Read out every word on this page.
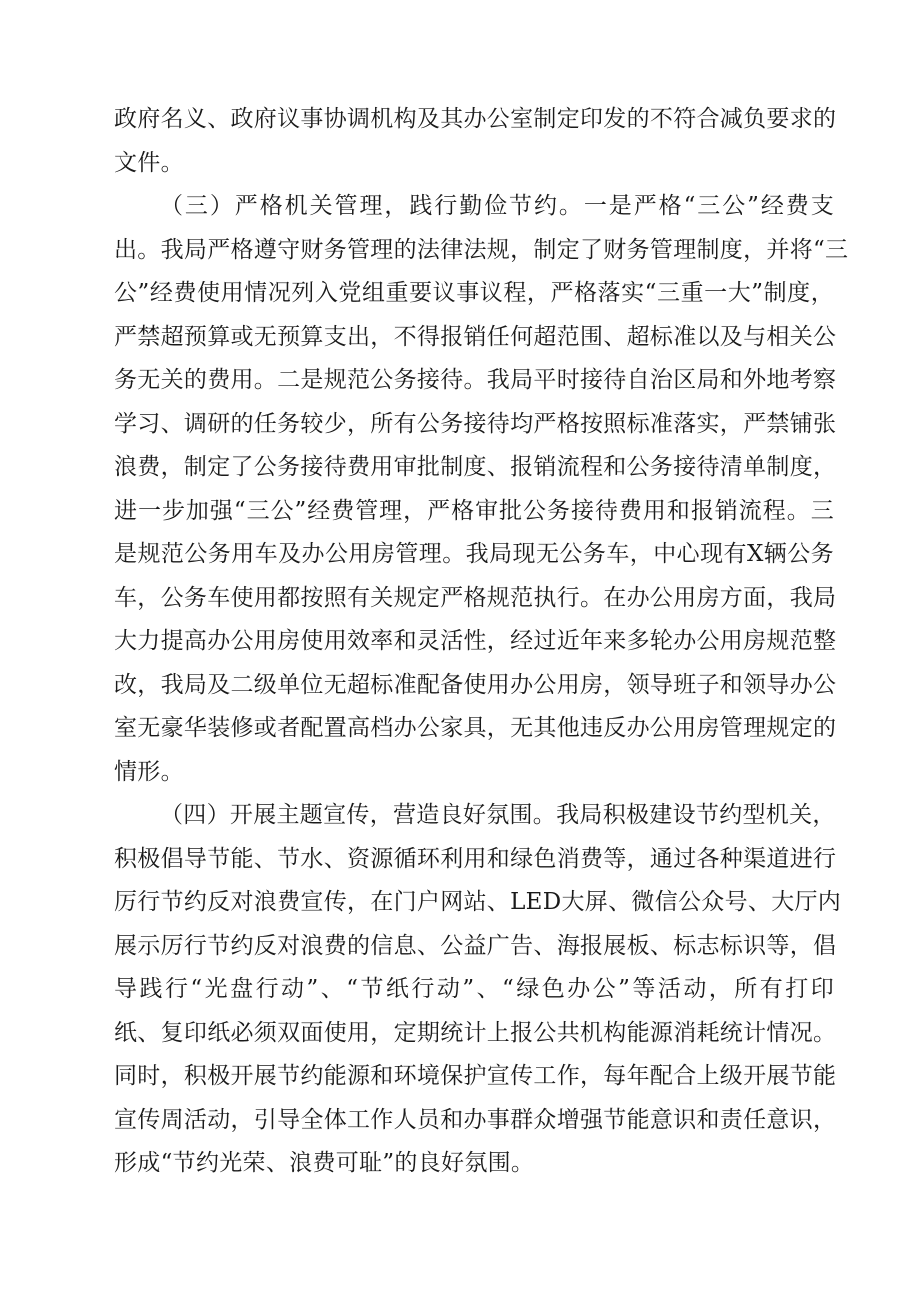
政府名义、政府议事协调机构及其办公室制定印发的不符合减负要求的
文件。
（三）严格机关管理，践行勤俭节约。一是严格“三公”经费支
出。我局严格遵守财务管理的法律法规，制定了财务管理制度，并将“三
公”经费使用情况列入党组重要议事议程，严格落实“三重一大”制度，
严禁超预算或无预算支出，不得报销任何超范围、超标准以及与相关公
务无关的费用。二是规范公务接待。我局平时接待自治区局和外地考察
学习、调研的任务较少，所有公务接待均严格按照标准落实，严禁铺张
浪费，制定了公务接待费用审批制度、报销流程和公务接待清单制度，
进一步加强“三公”经费管理，严格审批公务接待费用和报销流程。三
是规范公务用车及办公用房管理。我局现无公务车，中心现有X辆公务
车，公务车使用都按照有关规定严格规范执行。在办公用房方面，我局
大力提高办公用房使用效率和灵活性，经过近年来多轮办公用房规范整
改，我局及二级单位无超标准配备使用办公用房，领导班子和领导办公
室无豪华装修或者配置高档办公家具，无其他违反办公用房管理规定的
情形。
（四）开展主题宣传，营造良好氛围。我局积极建设节约型机关，
积极倡导节能、节水、资源循环利用和绿色消费等，通过各种渠道进行
厉行节约反对浪费宣传，在门户网站、LED大屏、微信公众号、大厅内
展示厉行节约反对浪费的信息、公益广告、海报展板、标志标识等，倡
导践行“光盘行动”、“节纸行动”、“绿色办公”等活动，所有打印
纸、复印纸必须双面使用，定期统计上报公共机构能源消耗统计情况。
同时，积极开展节约能源和环境保护宣传工作，每年配合上级开展节能
宣传周活动，引导全体工作人员和办事群众增强节能意识和责任意识，
形成“节约光荣、浪费可耻”的良好氛围。
